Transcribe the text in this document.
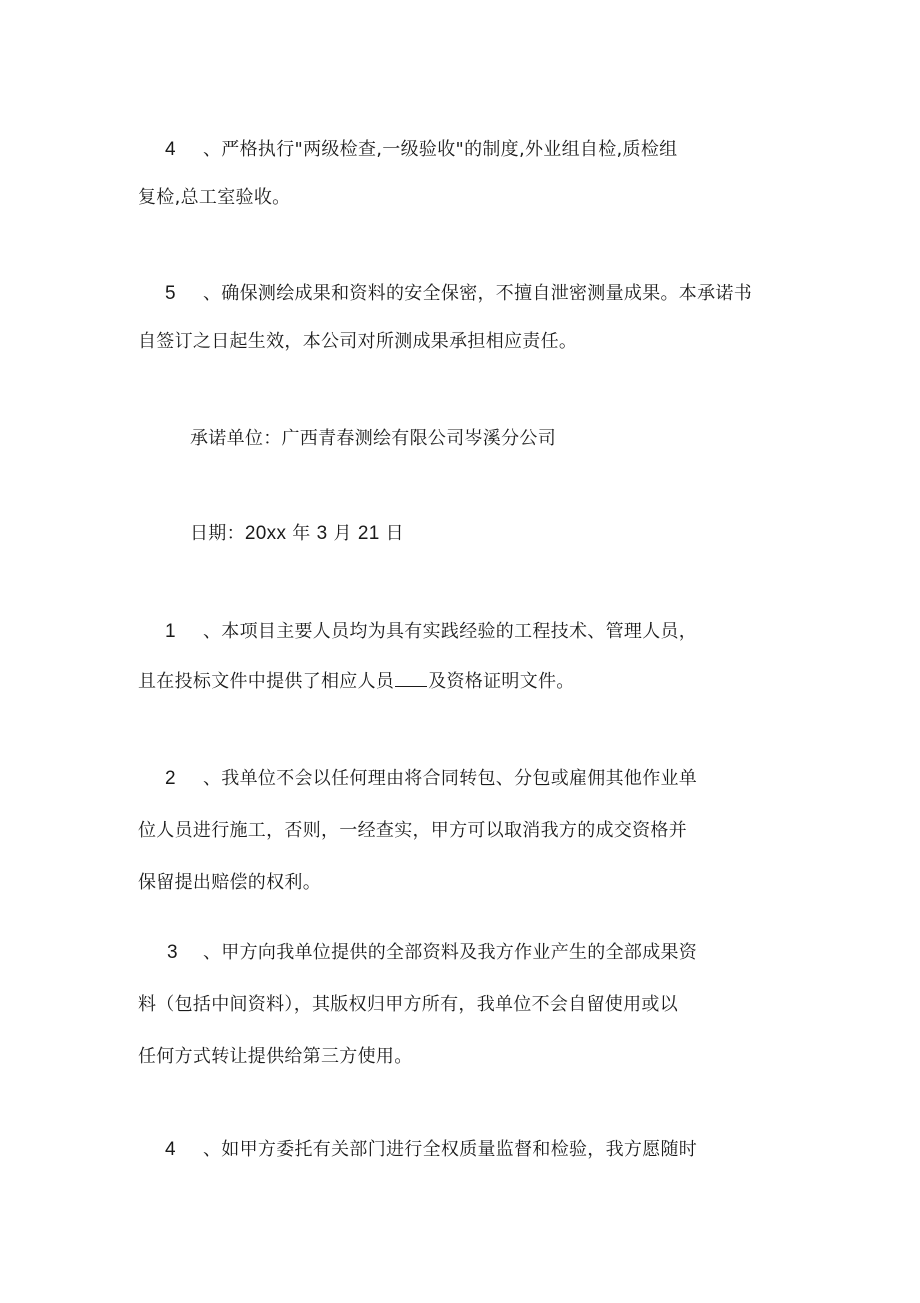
4 、严格执行"两级检查,一级验收"的制度,外业组自检,质检组
复检,总工室验收。
5 、确保测绘成果和资料的安全保密，不擅自泄密测量成果。本承诺书
自签订之日起生效，本公司对所测成果承担相应责任。
承诺单位：广西青春测绘有限公司岑溪分公司
日期：20xx 年 3 月 21 日
1 、本项目主要人员均为具有实践经验的工程技术、管理人员，
且在投标文件中提供了相应人员 及资格证明文件。
2 、我单位不会以任何理由将合同转包、分包或雇佣其他作业单
位人员进行施工，否则，一经查实，甲方可以取消我方的成交资格并
保留提出赔偿的权利。
3 、甲方向我单位提供的全部资料及我方作业产生的全部成果资
料（包括中间资料），其版权归甲方所有，我单位不会自留使用或以
任何方式转让提供给第三方使用。
4 、如甲方委托有关部门进行全权质量监督和检验，我方愿随时
